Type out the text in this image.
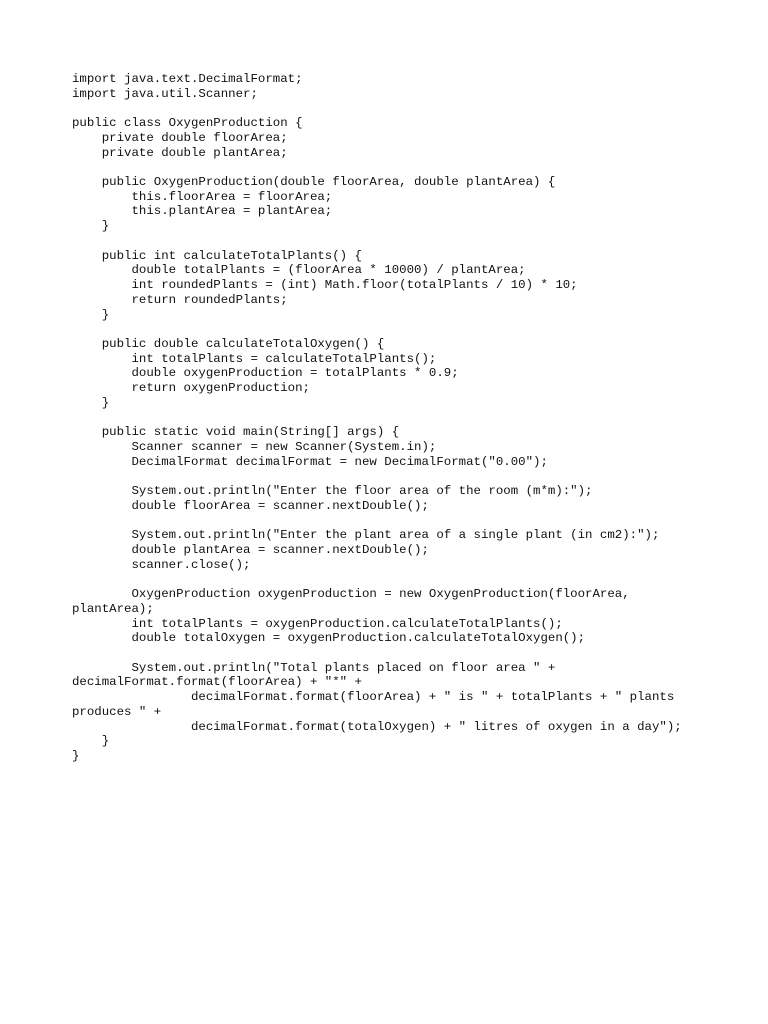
import java.text.DecimalFormat;
import java.util.Scanner;
public class OxygenProduction {
private double floorArea;
private double plantArea;
public OxygenProduction(double floorArea, double plantArea) {
this.floorArea = floorArea;
this.plantArea = plantArea;
}
public int calculateTotalPlants() {
double totalPlants = (floorArea * 10000) / plantArea;
int roundedPlants = (int) Math.floor(totalPlants / 10) * 10;
return roundedPlants;
}
public double calculateTotalOxygen() {
int totalPlants = calculateTotalPlants();
double oxygenProduction = totalPlants * 0.9;
return oxygenProduction;
}
public static void main(String[] args) {
Scanner scanner = new Scanner(System.in);
DecimalFormat decimalFormat = new DecimalFormat("0.00");
System.out.println("Enter the floor area of the room (m*m):");
double floorArea = scanner.nextDouble();
System.out.println("Enter the plant area of a single plant (in cm2):");
double plantArea = scanner.nextDouble();
scanner.close();
OxygenProduction oxygenProduction = new OxygenProduction(floorArea,
plantArea);
int totalPlants = oxygenProduction.calculateTotalPlants();
double totalOxygen = oxygenProduction.calculateTotalOxygen();
System.out.println("Total plants placed on floor area " +
decimalFormat.format(floorArea) + "*" +
decimalFormat.format(floorArea) + " is " + totalPlants + " plants
produces " +
decimalFormat.format(totalOxygen) + " litres of oxygen in a day");
}
}
